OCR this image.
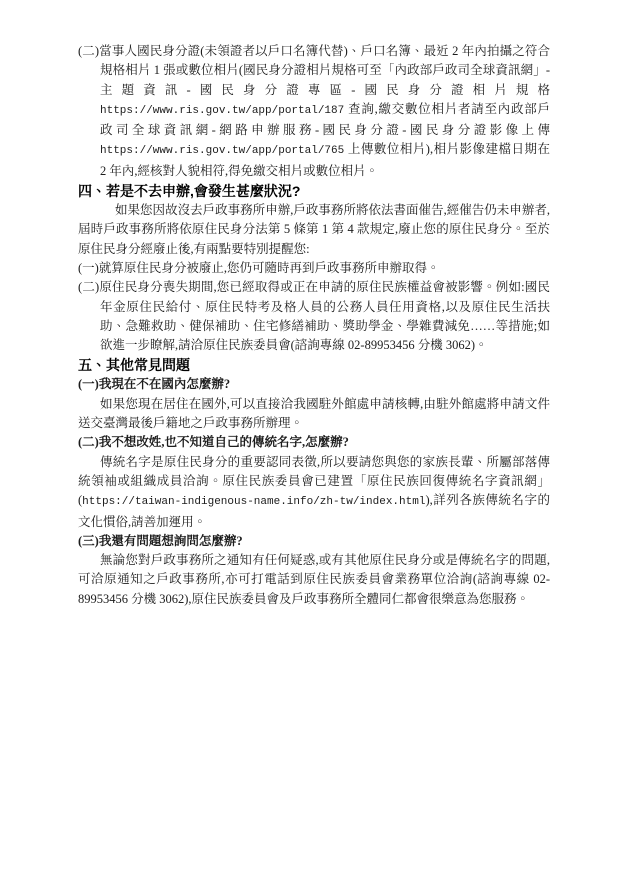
(二)當事人國民身分證(未領證者以戶口名簿代替)、戶口名簿、最近 2 年內拍攝之符合規格相片 1 張或數位相片(國民身分證相片規格可至「內政部戶政司全球資訊網」-主題資訊-國民身分證專區-國民身分證相片規格 https://www.ris.gov.tw/app/portal/187 查詢,繳交數位相片者請至內政部戶政司全球資訊網-網路申辦服務-國民身分證-國民身分證影像上傳 https://www.ris.gov.tw/app/portal/765 上傳數位相片),相片影像建檔日期在 2 年內,經核對人貌相符,得免繳交相片或數位相片。

四、若是不去申辦,會發生甚麼狀況?

如果您因故沒去戶政事務所申辦,戶政事務所將依法書面催告,經催告仍未申辦者,屆時戶政事務所將依原住民身分法第 5 條第 1 第 4 款規定,廢止您的原住民身分。至於原住民身分經廢止後,有兩點要特別提醒您:

(一)就算原住民身分被廢止,您仍可隨時再到戶政事務所申辦取得。

(二)原住民身分喪失期間,您已經取得或正在申請的原住民族權益會被影響。例如:國民年金原住民給付、原住民特考及格人員的公務人員任用資格,以及原住民生活扶助、急難救助、健保補助、住宅修繕補助、獎助學金、學雜費減免……等措施;如欲進一步瞭解,請洽原住民族委員會(諮詢專線 02-89953456 分機 3062)。

五、其他常見問題

(一)我現在不在國內怎麼辦?

如果您現在居住在國外,可以直接洽我國駐外館處申請核轉,由駐外館處將申請文件送交臺灣最後戶籍地之戶政事務所辦理。

(二)我不想改姓,也不知道自己的傳統名字,怎麼辦?

傳統名字是原住民身分的重要認同表徵,所以要請您與您的家族長輩、所屬部落傳統領袖或組織成員洽詢。原住民族委員會已建置「原住民族回復傳統名字資訊網」(https://taiwan-indigenous-name.info/zh-tw/index.html),詳列各族傳統名字的文化慣俗,請善加運用。

(三)我還有問題想詢問怎麼辦?

無論您對戶政事務所之通知有任何疑惑,或有其他原住民身分或是傳統名字的問題,可洽原通知之戶政事務所,亦可打電話到原住民族委員會業務單位洽詢(諮詢專線 02-89953456 分機 3062),原住民族委員會及戶政事務所全體同仁都會很樂意為您服務。
